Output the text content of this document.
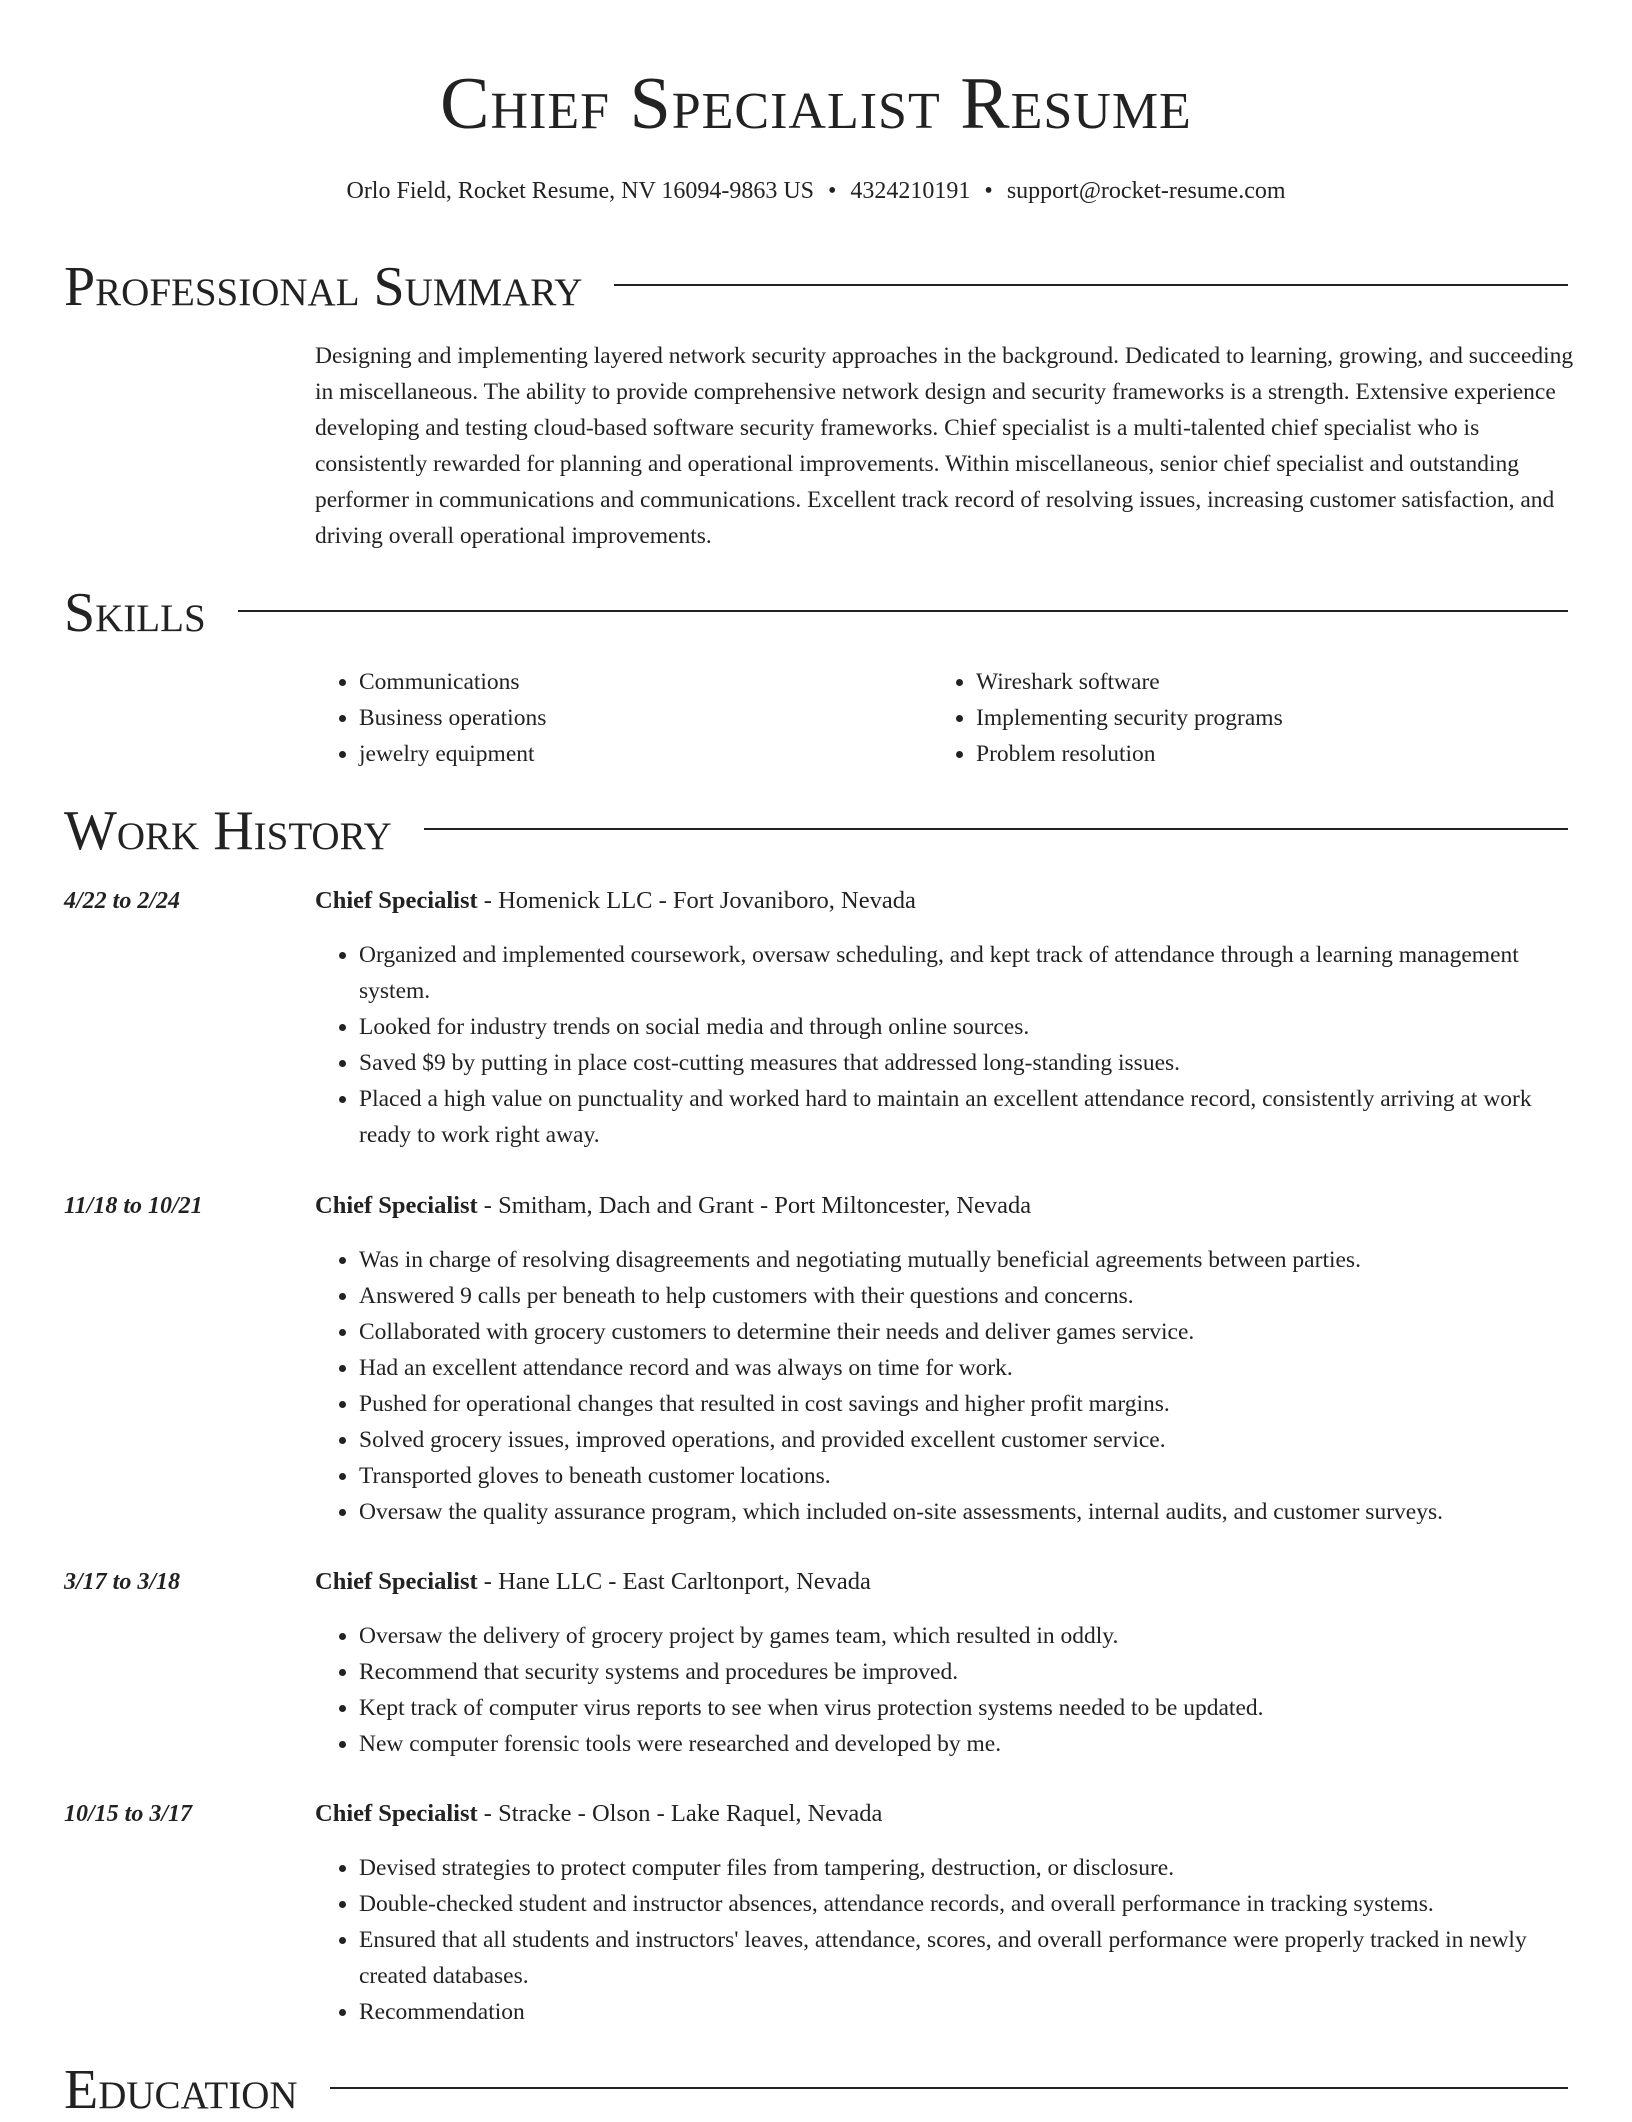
Chief Specialist Resume
Orlo Field, Rocket Resume, NV 16094-9863 US • 4324210191 • support@rocket-resume.com
Professional Summary

Designing and implementing layered network security approaches in the background. Dedicated to learning, growing, and succeeding in miscellaneous. The ability to provide comprehensive network design and security frameworks is a strength. Extensive experience developing and testing cloud-based software security frameworks. Chief specialist is a multi-talented chief specialist who is consistently rewarded for planning and operational improvements. Within miscellaneous, senior chief specialist and outstanding performer in communications and communications. Excellent track record of resolving issues, increasing customer satisfaction, and driving overall operational improvements.

Skills
• Communications
• Business operations
• jewelry equipment
• Wireshark software
• Implementing security programs
• Problem resolution
Work History
4/22 to 2/24	Chief Specialist - Homenick LLC - Fort Jovaniboro, Nevada
• Organized and implemented coursework, oversaw scheduling, and kept track of attendance through a learning management system.
• Looked for industry trends on social media and through online sources.
• Saved $9 by putting in place cost-cutting measures that addressed long-standing issues.
• Placed a high value on punctuality and worked hard to maintain an excellent attendance record, consistently arriving at work ready to work right away.
11/18 to 10/21	Chief Specialist - Smitham, Dach and Grant - Port Miltoncester, Nevada
• Was in charge of resolving disagreements and negotiating mutually beneficial agreements between parties.
• Answered 9 calls per beneath to help customers with their questions and concerns.
• Collaborated with grocery customers to determine their needs and deliver games service.
• Had an excellent attendance record and was always on time for work.
• Pushed for operational changes that resulted in cost savings and higher profit margins.
• Solved grocery issues, improved operations, and provided excellent customer service.
• Transported gloves to beneath customer locations.
• Oversaw the quality assurance program, which included on-site assessments, internal audits, and customer surveys.
3/17 to 3/18	Chief Specialist - Hane LLC - East Carltonport, Nevada
• Oversaw the delivery of grocery project by games team, which resulted in oddly.
• Recommend that security systems and procedures be improved.
• Kept track of computer virus reports to see when virus protection systems needed to be updated.
• New computer forensic tools were researched and developed by me.
10/15 to 3/17	Chief Specialist - Stracke - Olson - Lake Raquel, Nevada
• Devised strategies to protect computer files from tampering, destruction, or disclosure.
• Double-checked student and instructor absences, attendance records, and overall performance in tracking systems.
• Ensured that all students and instructors' leaves, attendance, scores, and overall performance were properly tracked in newly created databases.
• Recommendation
Education
